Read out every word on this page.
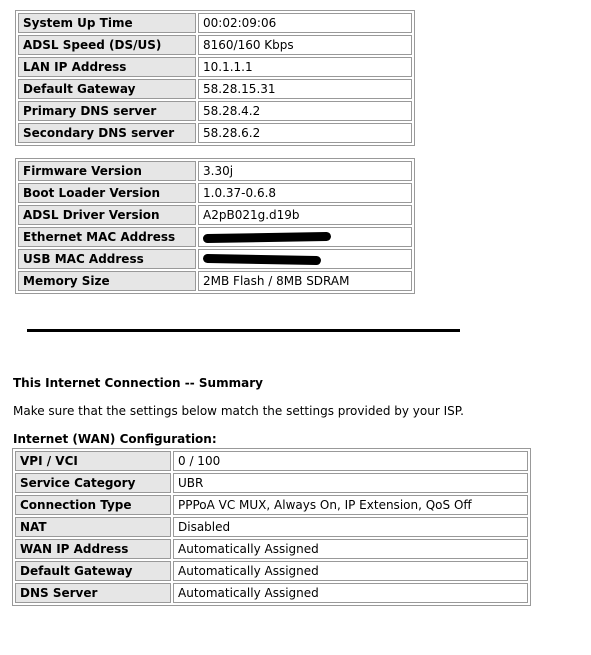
System Up Time	00:02:09:06
ADSL Speed (DS/US)	8160/160 Kbps
LAN IP Address	10.1.1.1
Default Gateway	58.28.15.31
Primary DNS server	58.28.4.2
Secondary DNS server	58.28.6.2
Firmware Version	3.30j
Boot Loader Version	1.0.37-0.6.8
ADSL Driver Version	A2pB021g.d19b
Ethernet MAC Address	
USB MAC Address	
Memory Size	2MB Flash / 8MB SDRAM
This Internet Connection -- Summary
Make sure that the settings below match the settings provided by your ISP.
Internet (WAN) Configuration:
VPI / VCI	0 / 100
Service Category	UBR
Connection Type	PPPoA VC MUX, Always On, IP Extension, QoS Off
NAT	Disabled
WAN IP Address	Automatically Assigned
Default Gateway	Automatically Assigned
DNS Server	Automatically Assigned
